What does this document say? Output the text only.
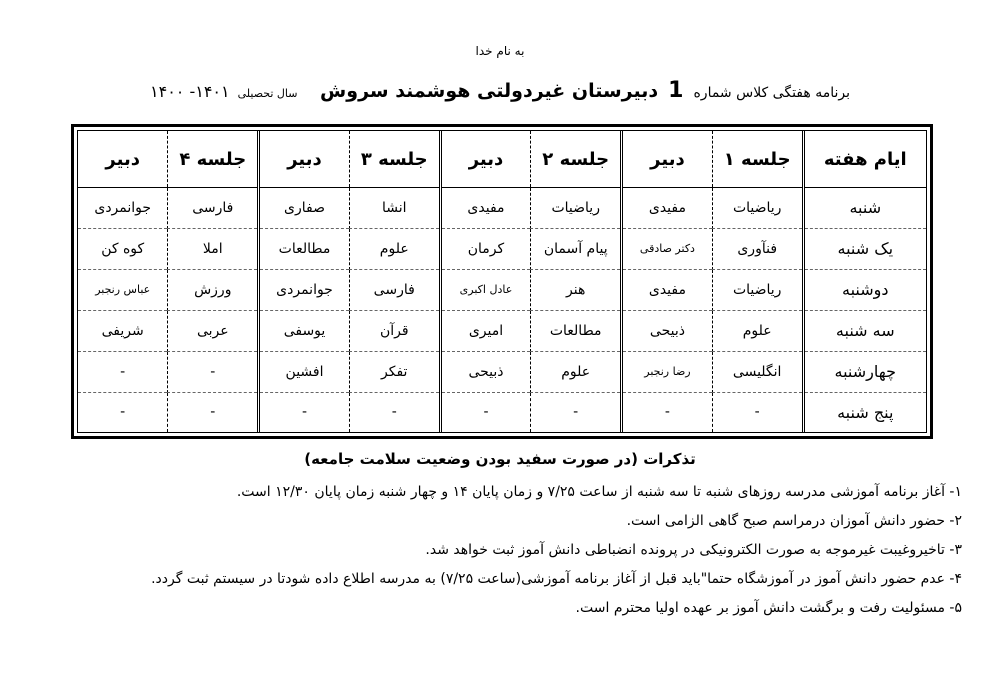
به نام خدا
برنامه هفتگی کلاس شماره
1
دبیرستان غیردولتی هوشمند سروش
سال تحصیلی
۱۴۰۱- ۱۴۰۰
ایام هفته	جلسه ۱	دبیر	جلسه ۲	دبیر	جلسه ۳	دبیر	جلسه ۴	دبیر
شنبه	ریاضیات	مفیدی	ریاضیات	مفیدی	انشا	صفاری	فارسی	جوانمردی
یک شنبه	فنآوری	دکتر صادقی	پیام آسمان	کرمان	علوم	مطالعات	املا	کوه کن
دوشنبه	ریاضیات	مفیدی	هنر	عادل اکبری	فارسی	جوانمردی	ورزش	عباس رنجبر
سه شنبه	علوم	ذبیحی	مطالعات	امیری	قرآن	یوسفی	عربی	شریفی
چهارشنبه	انگلیسی	رضا رنجبر	علوم	ذبیحی	تفکر	افشین	-	-
پنج شنبه	-	-	-	-	-	-	-	-
تذکرات (در صورت سفید بودن وضعیت سلامت جامعه)
۱- آغاز برنامه آموزشی مدرسه روزهای شنبه تا سه شنبه از ساعت ۷/۲۵ و زمان پایان ۱۴ و چهار شنبه زمان پایان ۱۲/۳۰ است.
۲- حضور دانش آموزان درمراسم صبح گاهی الزامی است.
۳- تاخیروغیبت غیرموجه به صورت الکترونیکی در پرونده انضباطی دانش آموز ثبت خواهد شد.
۴- عدم حضور دانش آموز در آموزشگاه حتما"باید قبل از آغاز برنامه آموزشی(ساعت ۷/۲۵) به مدرسه اطلاع داده شودتا در سیستم ثبت گردد.
۵- مسئولیت رفت و برگشت دانش آموز بر عهده اولیا محترم است.
